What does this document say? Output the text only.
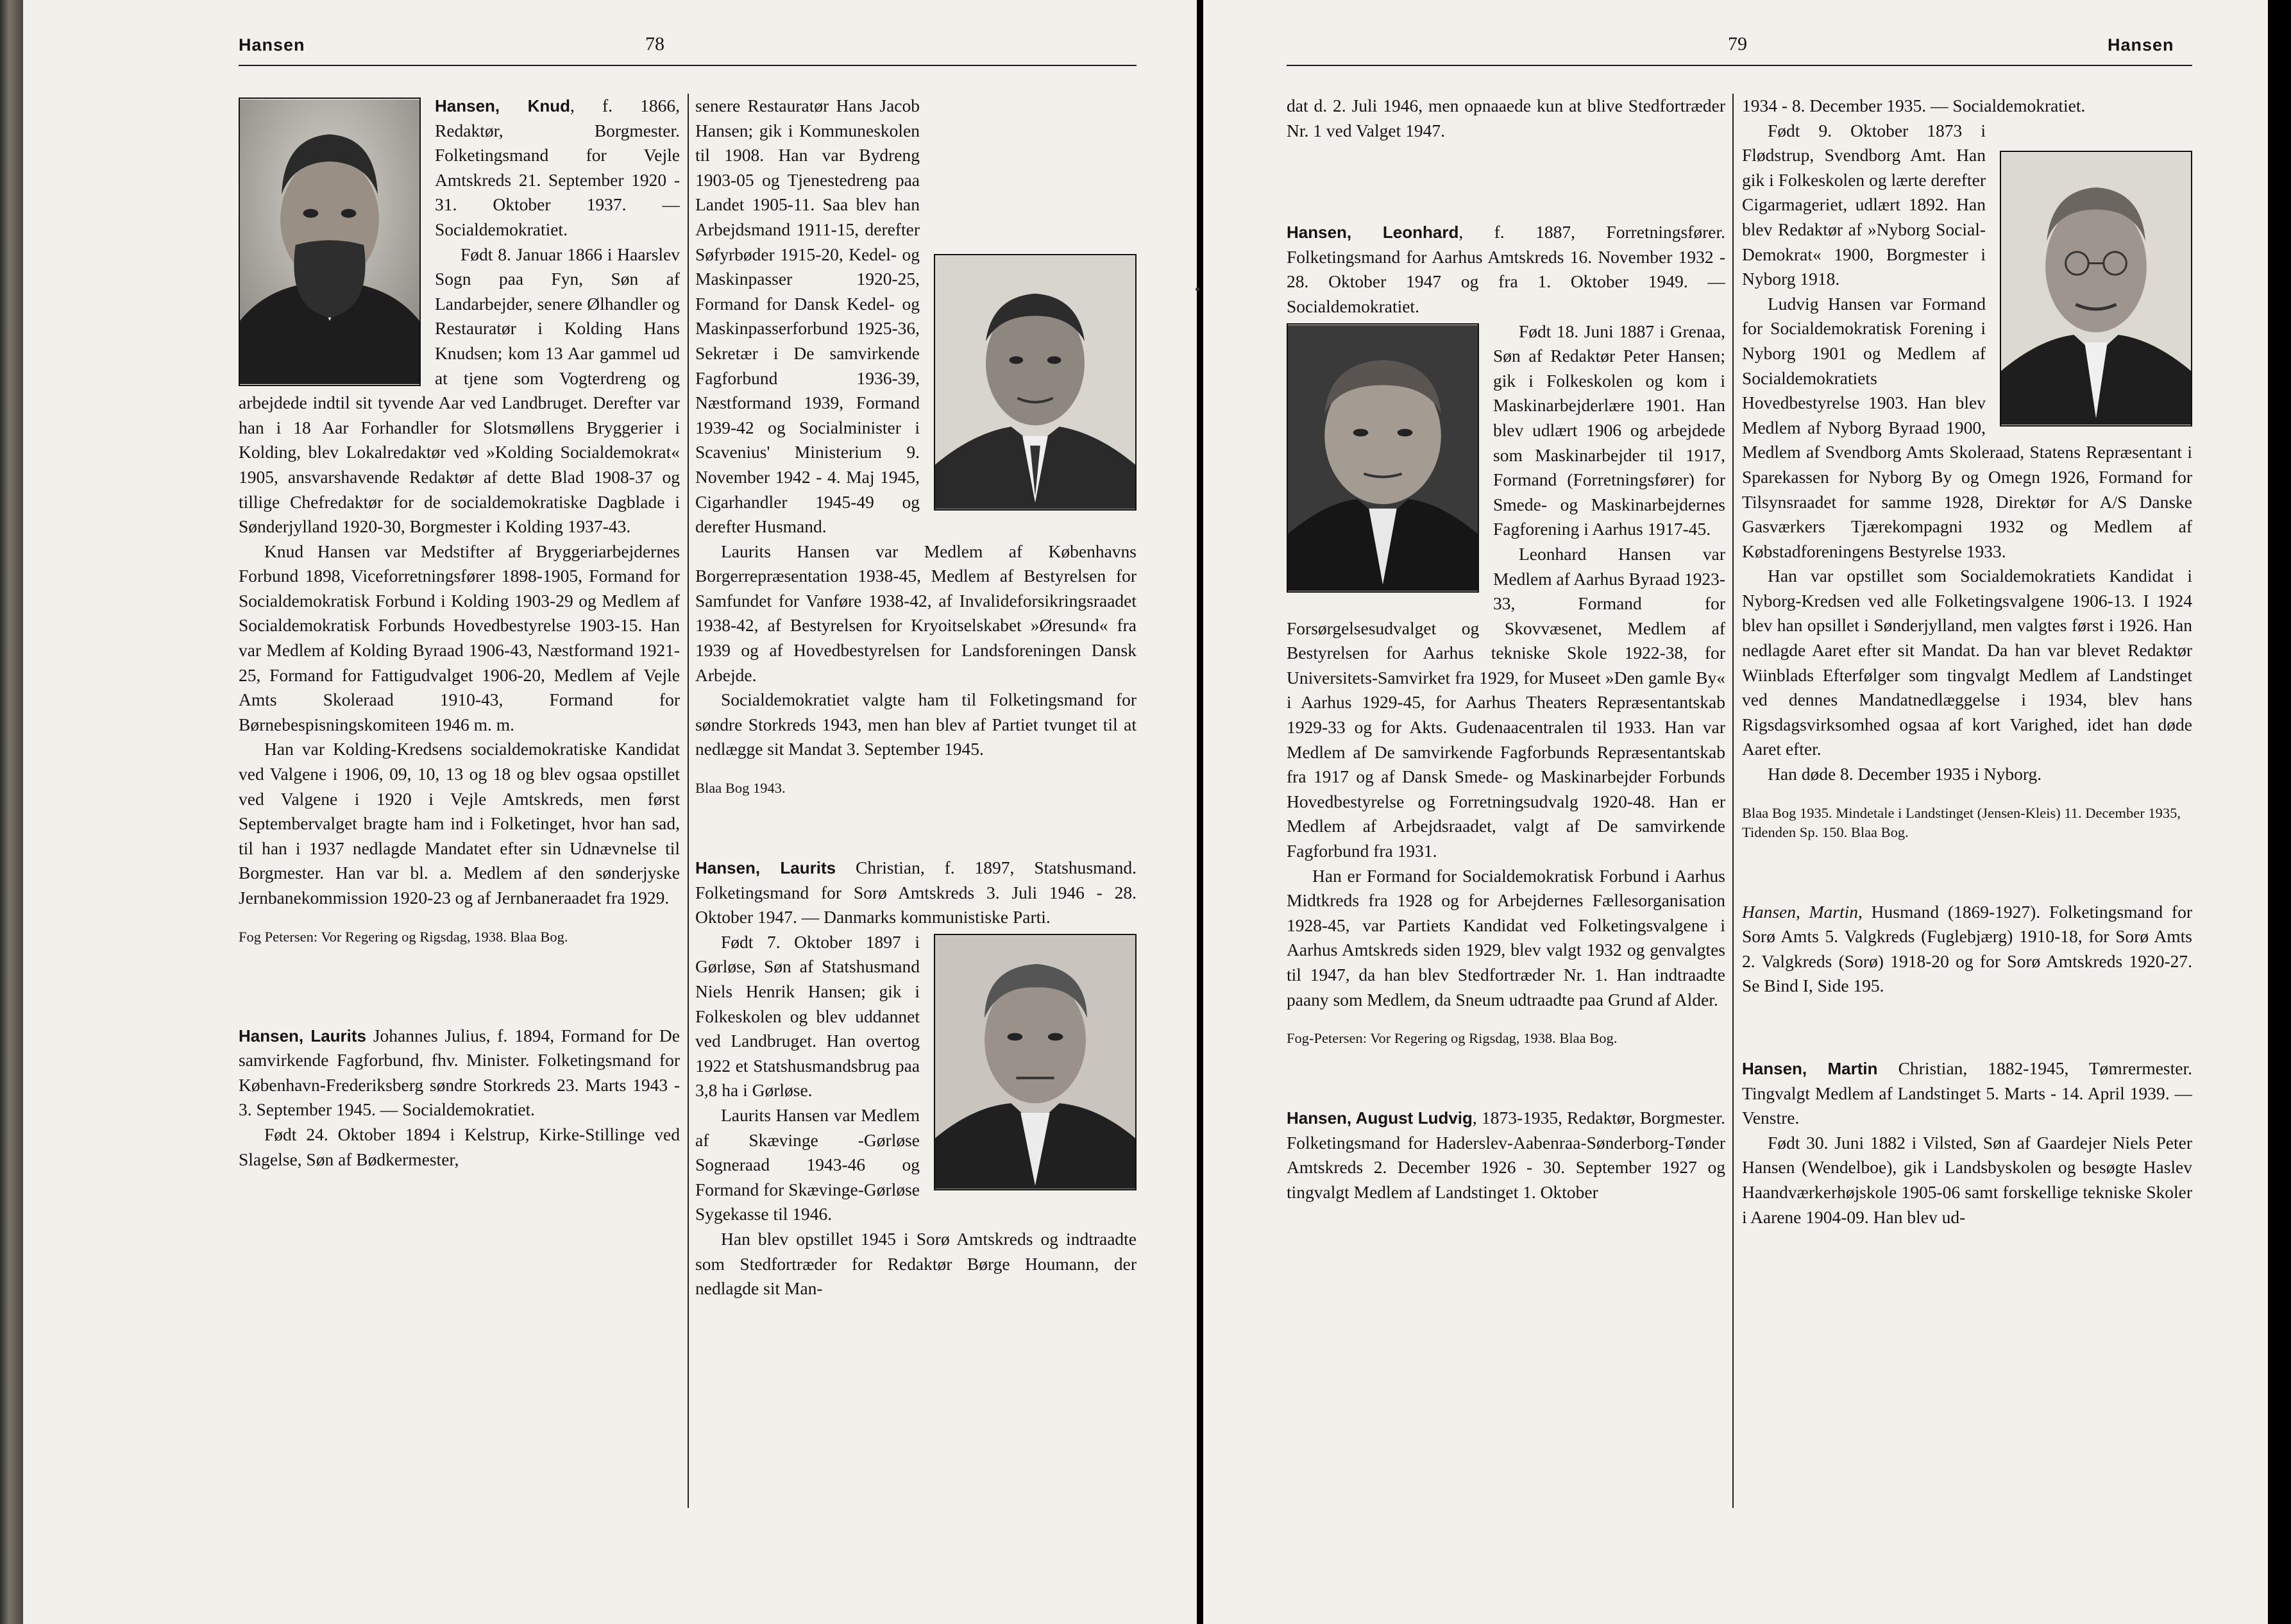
Hansen	78

Hansen, Knud, f. 1866, Redaktør, Borgmester. Folketingsmand for Vejle Amtskreds 21. September 1920 - 31. Oktober 1937. — Socialdemokratiet.

Født 8. Januar 1866 i Haarslev Sogn paa Fyn, Søn af Landarbejder, senere Ølhandler og Restauratør i Kolding Hans Knudsen; kom 13 Aar gammel ud at tjene som Vogterdreng og arbejdede indtil sit tyvende Aar ved Landbruget. Derefter var han i 18 Aar Forhandler for Slotsmøllens Bryggerier i Kolding, blev Lokalredaktør ved »Kolding Socialdemokrat« 1905, ansvarshavende Redaktør af dette Blad 1908-37 og tillige Chefredaktør for de socialdemokratiske Dagblade i Sønderjylland 1920-30, Borgmester i Kolding 1937-43.

Knud Hansen var Medstifter af Bryggeriarbejdernes Forbund 1898, Viceforretningsfører 1898-1905, Formand for Socialdemokratisk Forbund i Kolding 1903-29 og Medlem af Socialdemokratisk Forbunds Hovedbestyrelse 1903-15. Han var Medlem af Kolding Byraad 1906-43, Næstformand 1921-25, Formand for Fattigudvalget 1906-20, Medlem af Vejle Amts Skoleraad 1910-43, Formand for Børnebespisningskomiteen 1946 m. m.

Han var Kolding-Kredsens socialdemokratiske Kandidat ved Valgene i 1906, 09, 10, 13 og 18 og blev ogsaa opstillet ved Valgene i 1920 i Vejle Amtskreds, men først Septembervalget bragte ham ind i Folketinget, hvor han sad, til han i 1937 nedlagde Mandatet efter sin Udnævnelse til Borgmester. Han var bl. a. Medlem af den sønderjyske Jernbanekommission 1920-23 og af Jernbaneraadet fra 1929.

Fog Petersen: Vor Regering og Rigsdag, 1938. Blaa Bog.

Hansen, Laurits Johannes Julius, f. 1894, Formand for De samvirkende Fagforbund, fhv. Minister. Folketingsmand for København-Frederiksberg søndre Storkreds 23. Marts 1943 - 3. September 1945. — Socialdemokratiet.

Født 24. Oktober 1894 i Kelstrup, Kirke-Stillinge ved Slagelse, Søn af Bødkermester,

senere Restauratør Hans Jacob Hansen; gik i Kommuneskolen til 1908. Han var Bydreng 1903-05 og Tjenestedreng paa Landet 1905-11. Saa blev han Arbejdsmand 1911-15, derefter Søfyrbøder 1915-20, Kedel- og Maskinpasser 1920-25, Formand for Dansk Kedel- og Maskinpasserforbund 1925-36, Sekretær i De samvirkende Fagforbund 1936-39, Næstformand 1939, Formand 1939-42 og Socialminister i Scavenius' Ministerium 9. November 1942 - 4. Maj 1945, Cigarhandler 1945-49 og derefter Husmand.

Laurits Hansen var Medlem af Københavns Borgerrepræsentation 1938-45, Medlem af Bestyrelsen for Samfundet for Vanføre 1938-42, af Invalideforsikringsraadet 1938-42, af Bestyrelsen for Kryoitselskabet »Øresund« fra 1939 og af Hovedbestyrelsen for Landsforeningen Dansk Arbejde.

Socialdemokratiet valgte ham til Folketingsmand for søndre Storkreds 1943, men han blev af Partiet tvunget til at nedlægge sit Mandat 3. September 1945.

Blaa Bog 1943.

Hansen, Laurits Christian, f. 1897, Statshusmand. Folketingsmand for Sorø Amtskreds 3. Juli 1946 - 28. Oktober 1947. — Danmarks kommunistiske Parti.

Født 7. Oktober 1897 i Gørløse, Søn af Statshusmand Niels Henrik Hansen; gik i Folkeskolen og blev uddannet ved Landbruget. Han overtog 1922 et Statshusmandsbrug paa 3,8 ha i Gørløse.

Laurits Hansen var Medlem af Skævinge -Gørløse Sogneraad 1943-46 og Formand for Skævinge-Gørløse Sygekasse til 1946.

Han blev opstillet 1945 i Sorø Amtskreds og indtraadte som Stedfortræder for Redaktør Børge Houmann, der nedlagde sit Man-

79	Hansen

dat d. 2. Juli 1946, men opnaaede kun at blive Stedfortræder Nr. 1 ved Valget 1947.

Hansen, Leonhard, f. 1887, Forretningsfører. Folketingsmand for Aarhus Amtskreds 16. November 1932 - 28. Oktober 1947 og fra 1. Oktober 1949. — Socialdemokratiet.

Født 18. Juni 1887 i Grenaa, Søn af Redaktør Peter Hansen; gik i Folkeskolen og kom i Maskinarbejderlære 1901. Han blev udlært 1906 og arbejdede som Maskinarbejder til 1917, Formand (Forretningsfører) for Smede- og Maskinarbejdernes Fagforening i Aarhus 1917-45.

Leonhard Hansen var Medlem af Aarhus Byraad 1923-33, Formand for Forsørgelsesudvalget og Skovvæsenet, Medlem af Bestyrelsen for Aarhus tekniske Skole 1922-38, for Universitets-Samvirket fra 1929, for Museet »Den gamle By« i Aarhus 1929-45, for Aarhus Theaters Repræsentantskab 1929-33 og for Akts. Gudenaacentralen til 1933. Han var Medlem af De samvirkende Fagforbunds Repræsentantskab fra 1917 og af Dansk Smede- og Maskinarbejder Forbunds Hovedbestyrelse og Forretningsudvalg 1920-48. Han er Medlem af Arbejdsraadet, valgt af De samvirkende Fagforbund fra 1931.

Han er Formand for Socialdemokratisk Forbund i Aarhus Midtkreds fra 1928 og for Arbejdernes Fællesorganisation 1928-45, var Partiets Kandidat ved Folketingsvalgene i Aarhus Amtskreds siden 1929, blev valgt 1932 og genvalgtes til 1947, da han blev Stedfortræder Nr. 1. Han indtraadte paany som Medlem, da Sneum udtraadte paa Grund af Alder.

Fog-Petersen: Vor Regering og Rigsdag, 1938. Blaa Bog.

Hansen, August Ludvig, 1873-1935, Redaktør, Borgmester. Folketingsmand for Haderslev-Aabenraa-Sønderborg-Tønder Amtskreds 2. December 1926 - 30. September 1927 og tingvalgt Medlem af Landstinget 1. Oktober

1934 - 8. December 1935. — Socialdemokratiet.

Født 9. Oktober 1873 i Flødstrup, Svendborg Amt. Han gik i Folkeskolen og lærte derefter Cigarmageriet, udlært 1892. Han blev Redaktør af »Nyborg Social-Demokrat« 1900, Borgmester i Nyborg 1918.

Ludvig Hansen var Formand for Socialdemokratisk Forening i Nyborg 1901 og Medlem af Socialdemokratiets Hovedbestyrelse 1903. Han blev Medlem af Nyborg Byraad 1900, Medlem af Svendborg Amts Skoleraad, Statens Repræsentant i Sparekassen for Nyborg By og Omegn 1926, Formand for Tilsynsraadet for samme 1928, Direktør for A/S Danske Gasværkers Tjærekompagni 1932 og Medlem af Købstadforeningens Bestyrelse 1933.

Han var opstillet som Socialdemokratiets Kandidat i Nyborg-Kredsen ved alle Folketingsvalgene 1906-13. I 1924 blev han opsillet i Sønderjylland, men valgtes først i 1926. Han nedlagde Aaret efter sit Mandat. Da han var blevet Redaktør Wiinblads Efterfølger som tingvalgt Medlem af Landstinget ved dennes Mandatnedlæggelse i 1934, blev hans Rigsdagsvirksomhed ogsaa af kort Varighed, idet han døde Aaret efter.

Han døde 8. December 1935 i Nyborg.

Blaa Bog 1935. Mindetale i Landstinget (Jensen-Kleis) 11. December 1935, Tidenden Sp. 150. Blaa Bog.

Hansen, Martin, Husmand (1869-1927). Folketingsmand for Sorø Amts 5. Valgkreds (Fuglebjærg) 1910-18, for Sorø Amts 2. Valgkreds (Sorø) 1918-20 og for Sorø Amtskreds 1920-27. Se Bind I, Side 195.

Hansen, Martin Christian, 1882-1945, Tømrermester. Tingvalgt Medlem af Landstinget 5. Marts - 14. April 1939. — Venstre.

Født 30. Juni 1882 i Vilsted, Søn af Gaardejer Niels Peter Hansen (Wendelboe), gik i Landsbyskolen og besøgte Haslev Haandværkerhøjskole 1905-06 samt forskellige tekniske Skoler i Aarene 1904-09. Han blev ud-
